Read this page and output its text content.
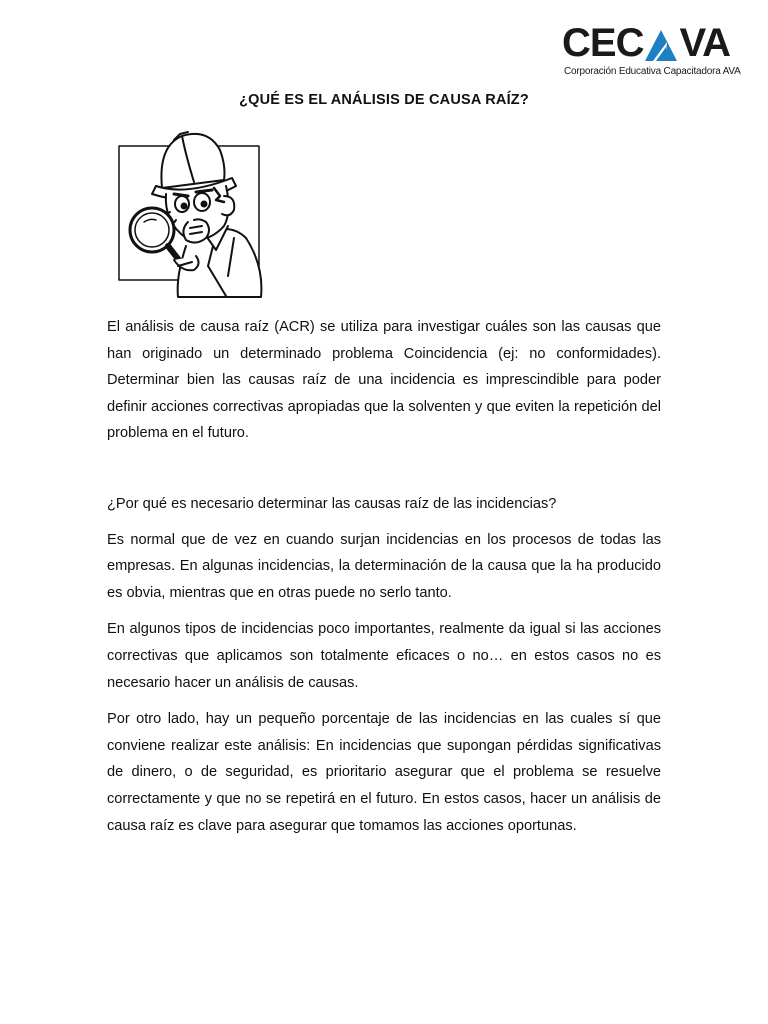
CEC VA
Corporación Educativa Capacitadora AVA
¿QUÉ ES EL ANÁLISIS DE CAUSA RAÍZ?

El análisis de causa raíz (ACR) se utiliza para investigar cuáles son las causas que han originado un determinado problema Coincidencia (ej: no conformidades). Determinar bien las causas raíz de una incidencia es imprescindible para poder definir acciones correctivas apropiadas que la solventen y que eviten la repetición del problema en el futuro.

¿Por qué es necesario determinar las causas raíz de las incidencias?

Es normal que de vez en cuando surjan incidencias en los procesos de todas las empresas. En algunas incidencias, la determinación de la causa que la ha producido es obvia, mientras que en otras puede no serlo tanto.

En algunos tipos de incidencias poco importantes, realmente da igual si las acciones correctivas que aplicamos son totalmente eficaces o no… en estos casos no es necesario hacer un análisis de causas.

Por otro lado, hay un pequeño porcentaje de las incidencias en las cuales sí que conviene realizar este análisis: En incidencias que supongan pérdidas significativas de dinero, o de seguridad, es prioritario asegurar que el problema se resuelve correctamente y que no se repetirá en el futuro. En estos casos, hacer un análisis de causa raíz es clave para asegurar que tomamos las acciones oportunas.
